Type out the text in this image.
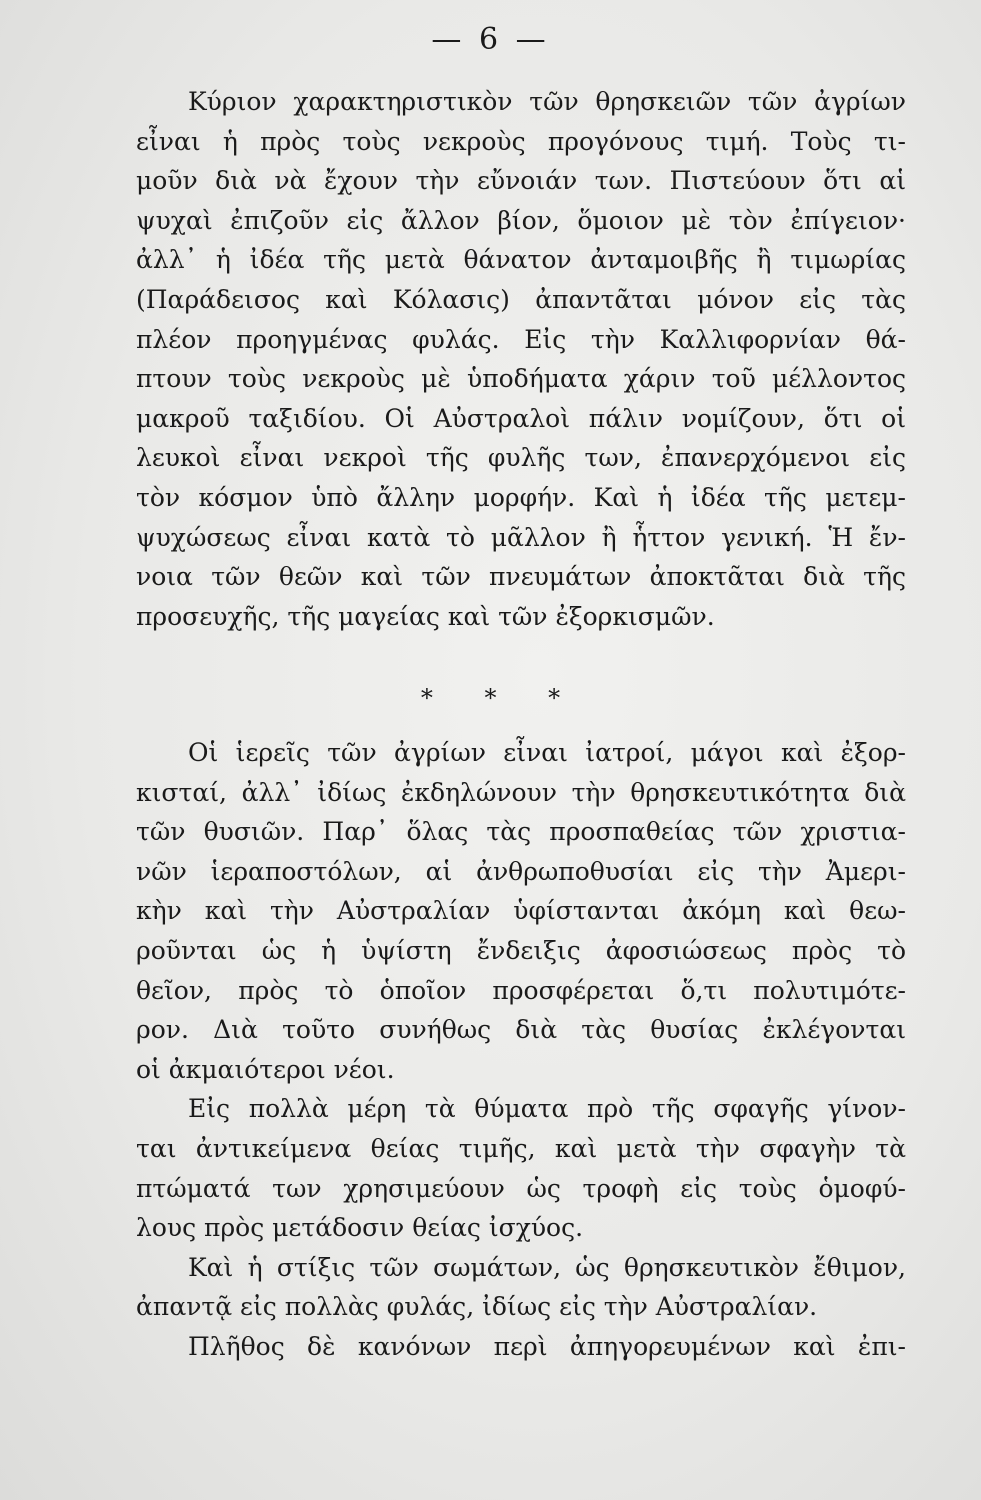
— 6 —
Κύριον χαρακτηριστικὸν τῶν θρησκειῶν τῶν ἀγρίων
εἶναι ἡ πρὸς τοὺς νεκροὺς προγόνους τιμή. Τοὺς τι-
μοῦν διὰ νὰ ἔχουν τὴν εὔνοιάν των. Πιστεύουν ὅτι αἱ
ψυχαὶ ἐπιζοῦν εἰς ἄλλον βίον, ὅμοιον μὲ τὸν ἐπίγειον·
ἀλλ᾽ ἡ ἰδέα τῆς μετὰ θάνατον ἀνταμοιβῆς ἢ τιμωρίας
(Παράδεισος καὶ Κόλασις) ἀπαντᾶται μόνον εἰς τὰς
πλέον προηγμένας φυλάς. Εἰς τὴν Καλλιφορνίαν θά-
πτουν τοὺς νεκροὺς μὲ ὑποδήματα χάριν τοῦ μέλλοντος
μακροῦ ταξιδίου. Οἱ Αὐστραλοὶ πάλιν νομίζουν, ὅτι οἱ
λευκοὶ εἶναι νεκροὶ τῆς φυλῆς των, ἐπανερχόμενοι εἰς
τὸν κόσμον ὑπὸ ἄλλην μορφήν. Καὶ ἡ ἰδέα τῆς μετεμ-
ψυχώσεως εἶναι κατὰ τὸ μᾶλλον ἢ ἧττον γενική. Ἡ ἔν-
νοια τῶν θεῶν καὶ τῶν πνευμάτων ἀποκτᾶται διὰ τῆς
προσευχῆς, τῆς μαγείας καὶ τῶν ἐξορκισμῶν.
* * *
Οἱ ἱερεῖς τῶν ἀγρίων εἶναι ἰατροί, μάγοι καὶ ἐξορ-
κισταί, ἀλλ᾽ ἰδίως ἐκδηλώνουν τὴν θρησκευτικότητα διὰ
τῶν θυσιῶν. Παρ᾽ ὅλας τὰς προσπαθείας τῶν χριστια-
νῶν ἱεραποστόλων, αἱ ἀνθρωποθυσίαι εἰς τὴν Ἀμερι-
κὴν καὶ τὴν Αὐστραλίαν ὑφίστανται ἀκόμη καὶ θεω-
ροῦνται ὡς ἡ ὑψίστη ἔνδειξις ἀφοσιώσεως πρὸς τὸ
θεῖον, πρὸς τὸ ὁποῖον προσφέρεται ὅ,τι πολυτιμότε-
ρον. Διὰ τοῦτο συνήθως διὰ τὰς θυσίας ἐκλέγονται
οἱ ἀκμαιότεροι νέοι.
Εἰς πολλὰ μέρη τὰ θύματα πρὸ τῆς σφαγῆς γίνον-
ται ἀντικείμενα θείας τιμῆς, καὶ μετὰ τὴν σφαγὴν τὰ
πτώματά των χρησιμεύουν ὡς τροφὴ εἰς τοὺς ὁμοφύ-
λους πρὸς μετάδοσιν θείας ἰσχύος.
Καὶ ἡ στίξις τῶν σωμάτων, ὡς θρησκευτικὸν ἔθιμον,
ἀπαντᾷ εἰς πολλὰς φυλάς, ἰδίως εἰς τὴν Αὐστραλίαν.
Πλῆθος δὲ κανόνων περὶ ἀπηγορευμένων καὶ ἐπι-
